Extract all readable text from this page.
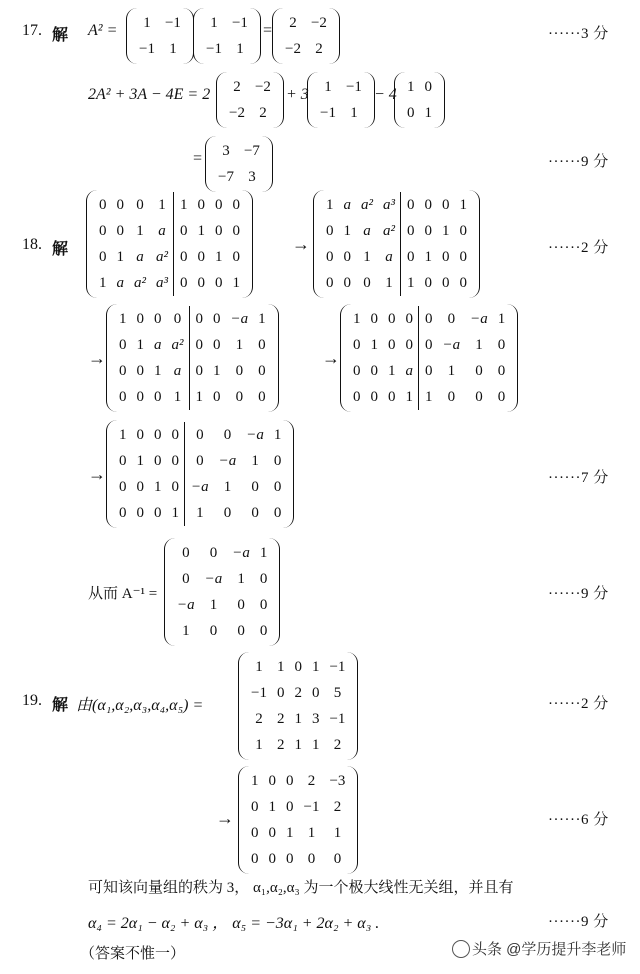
17. 解 A² = 1	−1
−1	1
1	−1
−1	1
= 2	−2
−2	2
······3 分
2A² + 3A − 4E = 2 2	−2
−2	2
+ 3 1	−1
−1	1
− 4 1	0
0	1
= 3	−7
−7	3
······9 分
18. 解
0	0	0	1	1	0	0	0
0	0	1	a	0	1	0	0
0	1	a	a²	0	0	1	0
1	a	a²	a³	0	0	0	1
→
1	a	a²	a³	0	0	0	1
0	1	a	a²	0	0	1	0
0	0	1	a	0	1	0	0
0	0	0	1	1	0	0	0
······2 分
→
1	0	0	0	0	0	−a	1
0	1	a	a²	0	0	1	0
0	0	1	a	0	1	0	0
0	0	0	1	1	0	0	0
→
1	0	0	0	0	0	−a	1
0	1	0	0	0	−a	1	0
0	0	1	a	0	1	0	0
0	0	0	1	1	0	0	0
→
1	0	0	0	0	0	−a	1
0	1	0	0	0	−a	1	0
0	0	1	0	−a	1	0	0
0	0	0	1	1	0	0	0
······7 分
从而 A⁻¹ =
0	0	−a	1
0	−a	1	0
−a	1	0	0
1	0	0	0
······9 分
19. 解 由(α₁,α₂,α₃,α₄,α₅) =
1	1	0	1	−1
−1	0	2	0	5
2	2	1	3	−1
1	2	1	1	2
······2 分
→
1	0	0	2	−3
0	1	0	−1	2
0	0	1	1	1
0	0	0	0	0
······6 分
可知该向量组的秩为 3， α₁,α₂,α₃ 为一个极大线性无关组，并且有
α₄ = 2α₁ − α₂ + α₃ ， α₅ = −3α₁ + 2α₂ + α₃ .	······9 分
（答案不惟一）	头条 @学历提升李老师
